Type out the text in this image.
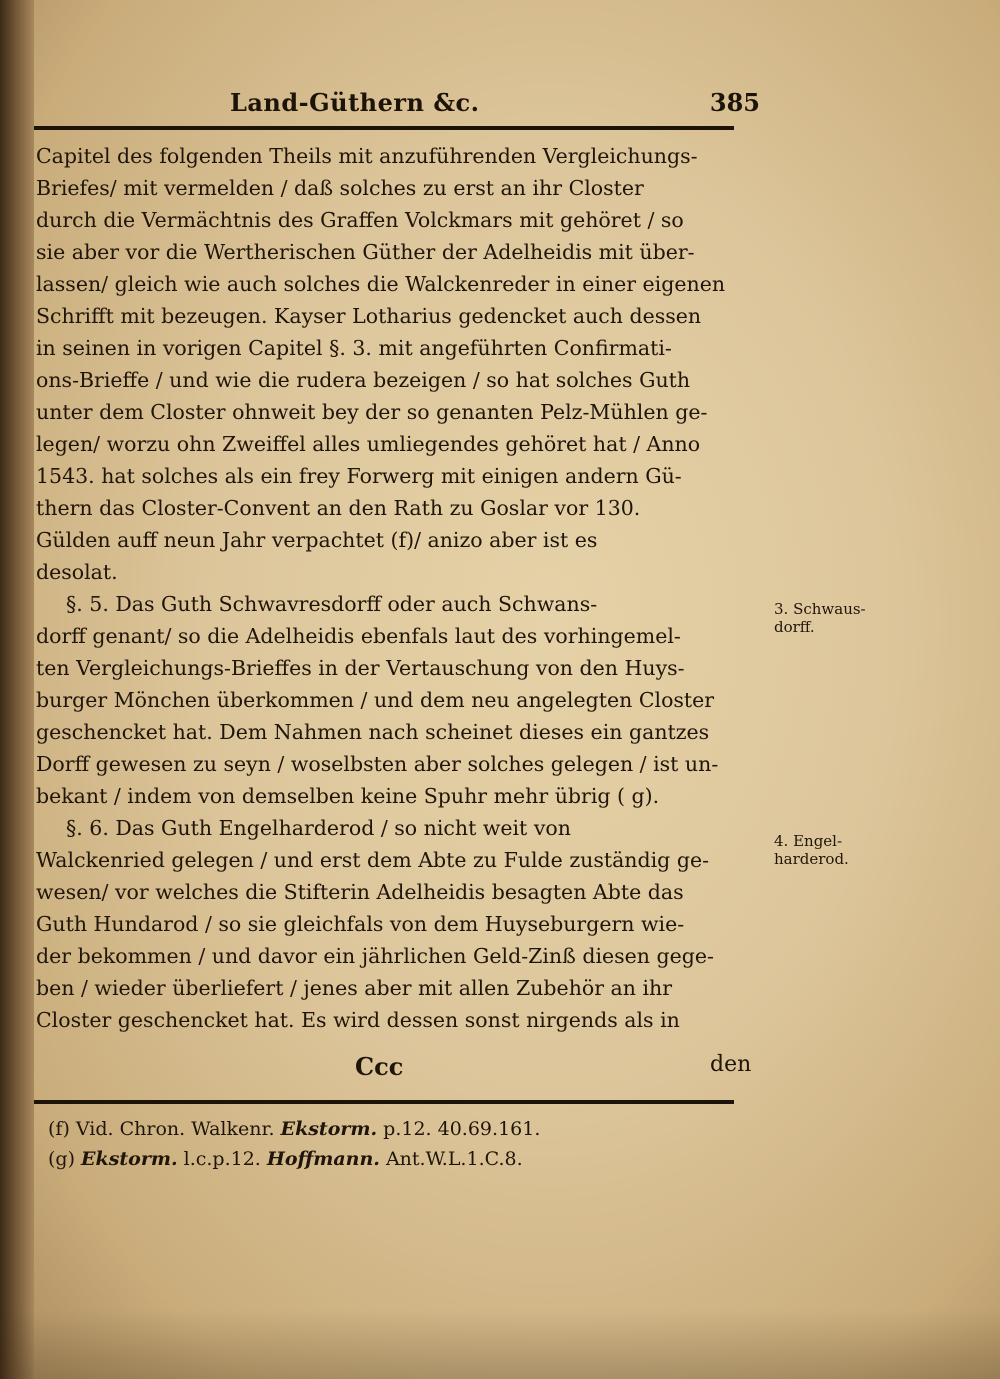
Land-Güthern &c.	385
Capitel des folgenden Theils mit anzuführenden Vergleichungs-
Briefes/ mit vermelden / daß solches zu erst an ihr Closter
durch die Vermächtnis des Graffen Volckmars mit gehöret / so
sie aber vor die Wertherischen Güther der Adelheidis mit über-
lassen/ gleich wie auch solches die Walckenreder in einer eigenen
Schrifft mit bezeugen. Kayser Lotharius gedencket auch dessen
in seinen in vorigen Capitel §. 3. mit angeführten Confirmati-
ons-Brieffe / und wie die rudera bezeigen / so hat solches Guth
unter dem Closter ohnweit bey der so genanten Pelz-Mühlen ge-
legen/ worzu ohn Zweiffel alles umliegendes gehöret hat / Anno
1543. hat solches als ein frey Forwerg mit einigen andern Gü-
thern das Closter-Convent an den Rath zu Goslar vor 130.
Gülden auff neun Jahr verpachtet (f)/ anizo aber ist es
desolat.
§. 5. Das Guth Schwavresdorff oder auch Schwans-
dorff genant/ so die Adelheidis ebenfals laut des vorhingemel-
ten Vergleichungs-Brieffes in der Vertauschung von den Huys-
burger Mönchen überkommen / und dem neu angelegten Closter
geschencket hat. Dem Nahmen nach scheinet dieses ein gantzes
Dorff gewesen zu seyn / woselbsten aber solches gelegen / ist un-
bekant / indem von demselben keine Spuhr mehr übrig ( g).
§. 6. Das Guth Engelharderod / so nicht weit von
Walckenried gelegen / und erst dem Abte zu Fulde zuständig ge-
wesen/ vor welches die Stifterin Adelheidis besagten Abte das
Guth Hundarod / so sie gleichfals von dem Huyseburgern wie-
der bekommen / und davor ein jährlichen Geld-Zinß diesen gege-
ben / wieder überliefert / jenes aber mit allen Zubehör an ihr
Closter geschencket hat. Es wird dessen sonst nirgends als in
3. Schwaus-
dorff.
4. Engel-
harderod.
Ccc	den
(f) Vid. Chron. Walkenr. Ekstorm. p.12. 40.69.161.
(g) Ekstorm. l.c.p.12. Hoffmann. Ant.W.L.1.C.8.
